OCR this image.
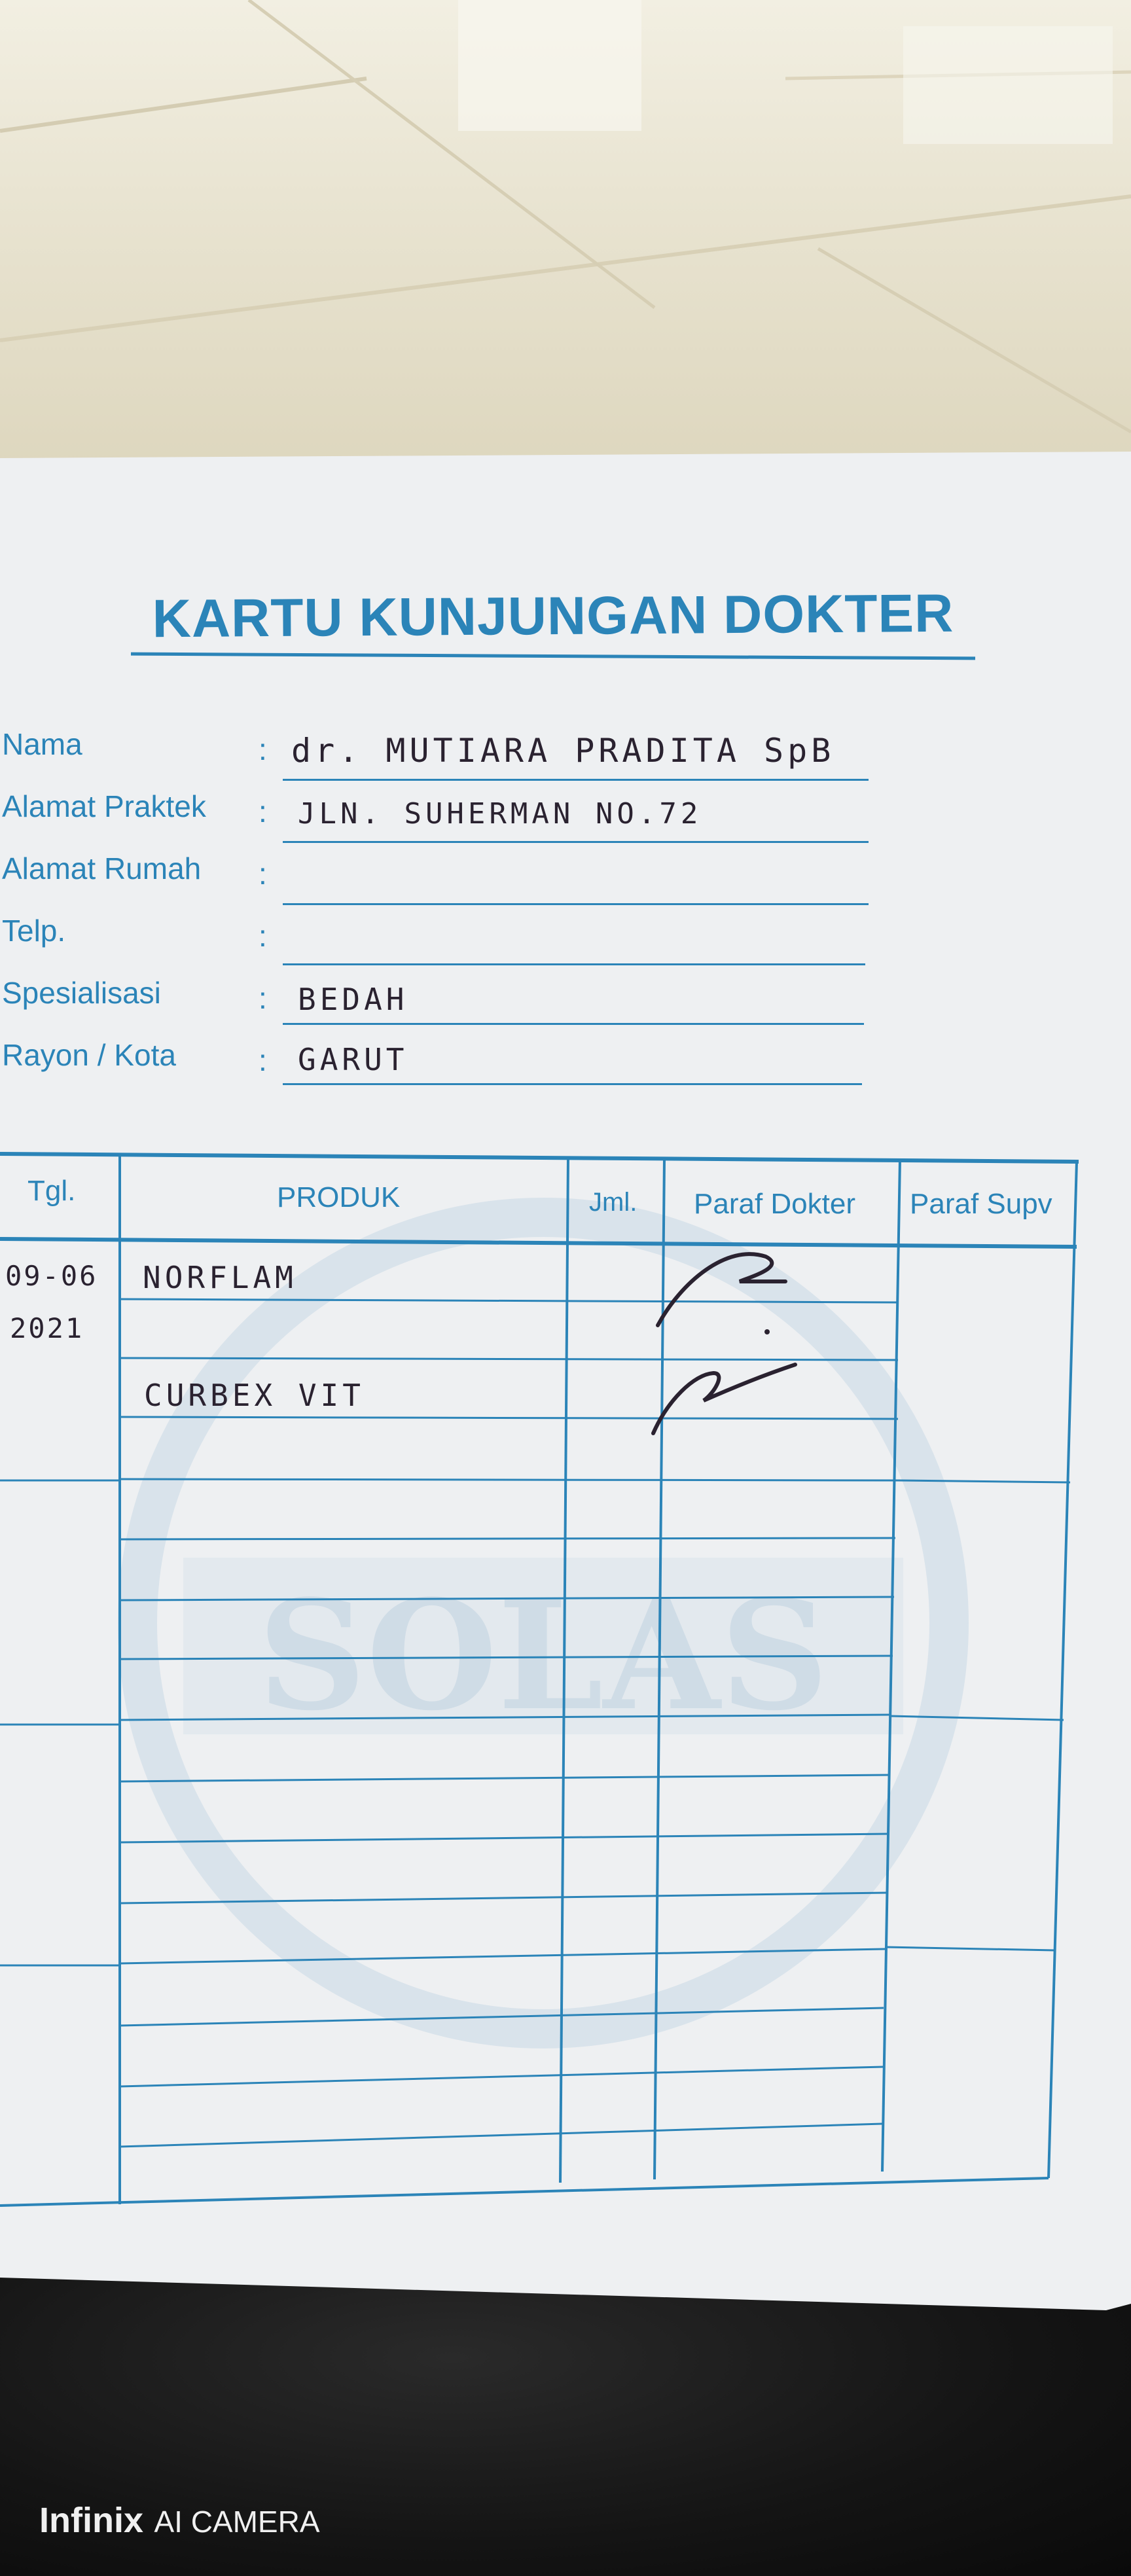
SOLAS
KARTU KUNJUNGAN DOKTER
Nama
Alamat Praktek
Alamat Rumah
Telp.
Spesialisasi
Rayon / Kota
:
:
:
:
:
:
dr. MUTIARA PRADITA SpB
JLN. SUHERMAN NO.72
BEDAH
GARUT
Tgl.	PRODUK	Jml. Paraf Dokter Paraf Supv
09-06
2021
NORFLAM
CURBEX VIT
Infinix AI CAMERA
